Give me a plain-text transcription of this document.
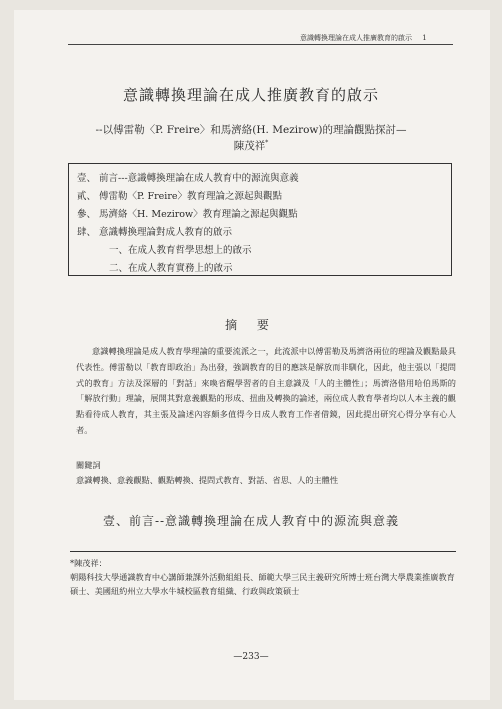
意識轉換理論在成人推廣教育的啟示 1
意識轉換理論在成人推廣教育的啟示
--以傅雷勒〈P. Freire〉和馬濟絡(H. Mezirow)的理論觀點探討—
陳茂祥*
壹、 前言---意識轉換理論在成人教育中的源流與意義
貳、 傅雷勒〈P. Freire〉教育理論之源起與觀點
參、 馬濟絡〈H. Mezirow〉教育理論之源起與觀點
肆、 意識轉換理論對成人教育的啟示
一、在成人教育哲學思想上的啟示
二、在成人教育實務上的啟示
摘 要
意識轉換理論是成人教育學理論的重要流派之一，此流派中以傅雷勒及馬濟洛兩位的理論及觀點最具代表性。傅雷勒以「教育即政治」為出發，強調教育的目的應該是解放而非馴化，因此，他主張以「提問式的教育」方法及深層的「對話」來喚省醒學習者的自主意識及「人的主體性」；馬濟洛借用哈伯馬斯的「解放行動」理論，展開其對意義觀點的形成、扭曲及轉換的論述，兩位成人教育學者均以人本主義的觀點看待成人教育，其主張及論述內容頗多值得今日成人教育工作者借鏡，因此提出研究心得分享有心人者。
關鍵詞
意識轉換、意義觀點、觀點轉換、提問式教育、對話、省思、人的主體性
壹、前言--意識轉換理論在成人教育中的源流與意義
*陳茂祥：
朝陽科技大學通識教育中心講師兼課外活動組組長、師範大學三民主義研究所博士班台灣大學農業推廣教育碩士、美國紐約州立大學水牛城校區教育組織、行政與政策碩士
—233—
